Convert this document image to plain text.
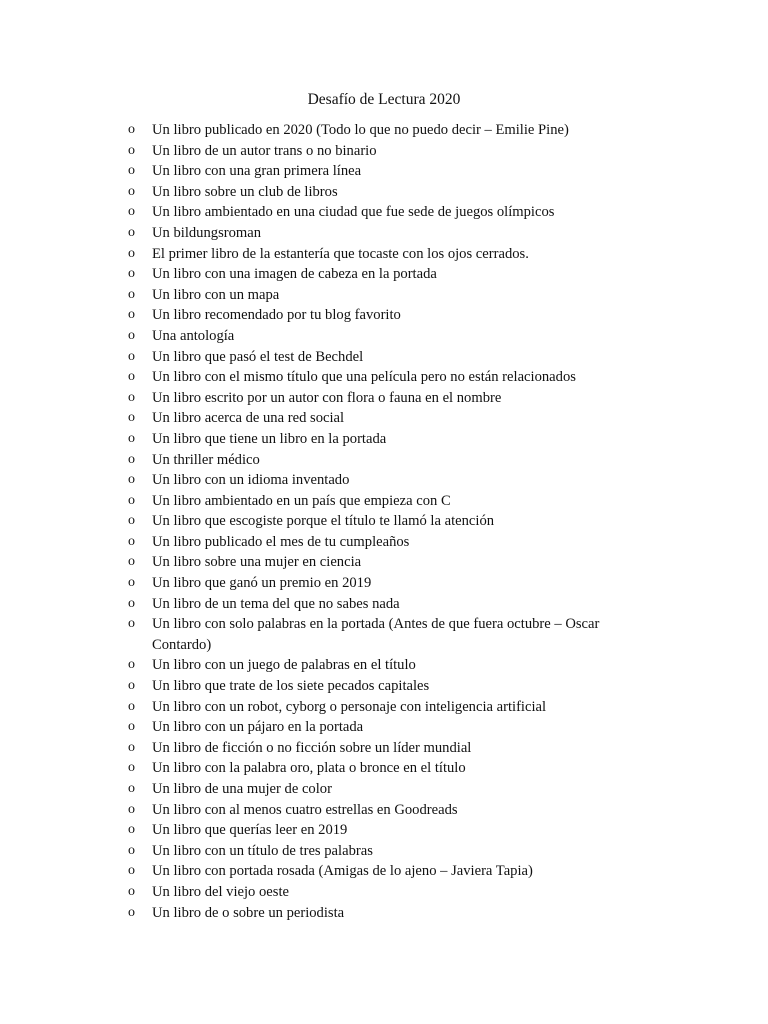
Desafío de Lectura 2020
o Un libro publicado en 2020 (Todo lo que no puedo decir – Emilie Pine)
o Un libro de un autor trans o no binario
o Un libro con una gran primera línea
o Un libro sobre un club de libros
o Un libro ambientado en una ciudad que fue sede de juegos olímpicos
o Un bildungsroman
o El primer libro de la estantería que tocaste con los ojos cerrados.
o Un libro con una imagen de cabeza en la portada
o Un libro con un mapa
o Un libro recomendado por tu blog favorito
o Una antología
o Un libro que pasó el test de Bechdel
o Un libro con el mismo título que una película pero no están relacionados
o Un libro escrito por un autor con flora o fauna en el nombre
o Un libro acerca de una red social
o Un libro que tiene un libro en la portada
o Un thriller médico
o Un libro con un idioma inventado
o Un libro ambientado en un país que empieza con C
o Un libro que escogiste porque el título te llamó la atención
o Un libro publicado el mes de tu cumpleaños
o Un libro sobre una mujer en ciencia
o Un libro que ganó un premio en 2019
o Un libro de un tema del que no sabes nada
o Un libro con solo palabras en la portada (Antes de que fuera octubre – Oscar Contardo)
o Un libro con un juego de palabras en el título
o Un libro que trate de los siete pecados capitales
o Un libro con un robot, cyborg o personaje con inteligencia artificial
o Un libro con un pájaro en la portada
o Un libro de ficción o no ficción sobre un líder mundial
o Un libro con la palabra oro, plata o bronce en el título
o Un libro de una mujer de color
o Un libro con al menos cuatro estrellas en Goodreads
o Un libro que querías leer en 2019
o Un libro con un título de tres palabras
o Un libro con portada rosada (Amigas de lo ajeno – Javiera Tapia)
o Un libro del viejo oeste
o Un libro de o sobre un periodista
